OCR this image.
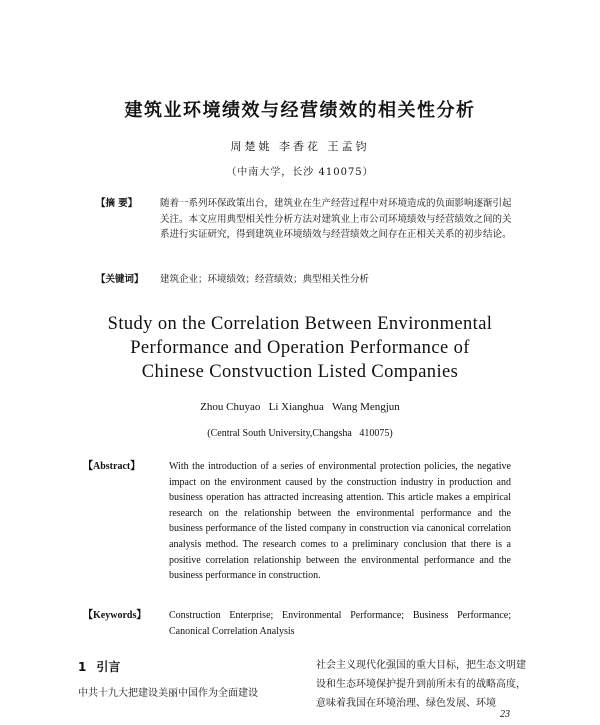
建筑业环境绩效与经营绩效的相关性分析
周楚姚 李香花 王孟钧
（中南大学，长沙 410075）
【摘 要】 随着一系列环保政策出台，建筑业在生产经营过程中对环境造成的负面影响逐渐引起关注。本文应用典型相关性分析方法对建筑业上市公司环境绩效与经营绩效之间的关系进行实证研究，得到建筑业环境绩效与经营绩效之间存在正相关关系的初步结论。
【关键词】 建筑企业；环境绩效；经营绩效；典型相关性分析
Study on the Correlation Between Environmental
Performance and Operation Performance of
Chinese Constvuction Listed Companies
Zhou Chuyao   Li Xianghua   Wang Mengjun
(Central South University,Changsha   410075)
【Abstract】	With the introduction of a series of environmental protection policies, the negative impact on the environment caused by the construction industry in production and business operation has attracted increasing attention. This article makes a empirical research on the relationship between the environmental performance and the business performance of the listed company in construction via canonical correlation analysis method. The research comes to a preliminary conclusion that there is a positive correlation relationship between the environmental performance and the business performance in construction.
【Keywords】 Construction Enterprise; Environmental Performance; Business Performance; Canonical Correlation Analysis
1 引言
中共十九大把建设美丽中国作为全面建设
社会主义现代化强国的重大目标，把生态文明建设和生态环境保护提升到前所未有的战略高度，意味着我国在环境治理、绿色发展、环境
23
